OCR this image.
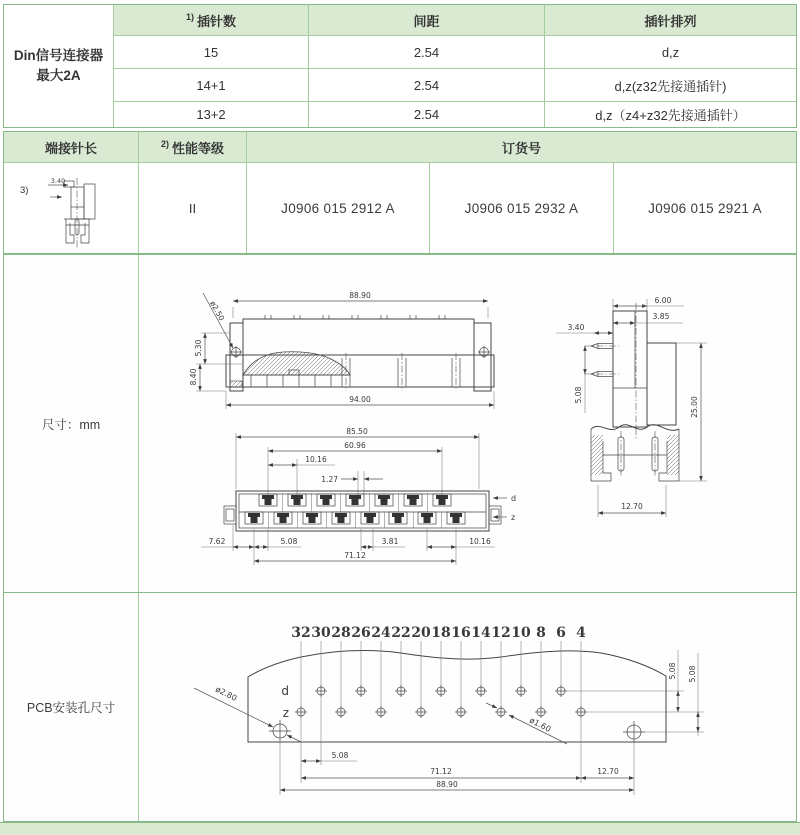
Din信号连接器
最大2A
1) 插针数	间距	插针排列
15	2.54	d,z
14+1	2.54	d,z(z32先接通插针)
13+2	2.54	d,z（z4+z32先接通插针）
端接针长	2) 性能等级	订货号
3)
3.40
II	J0906 015 2912 A	J0906 015 2932 A	J0906 015 2921 A
尺寸：mm
88.90
94.00
5.30
8.40
ø2.50	6.00
3.85
3.40
5.08
25.00
12.70
85.50
60.96
10.16
1.27
d
z
7.62	5.08	3.81	10.16
71.12
PCB安装孔尺寸
32 30 28 26 24 22 20 18 16 14 12 10 8 6 4
d
z
ø2.80
ø1.60
5.08 5.08
5.08
71.12	12.70
88.90
